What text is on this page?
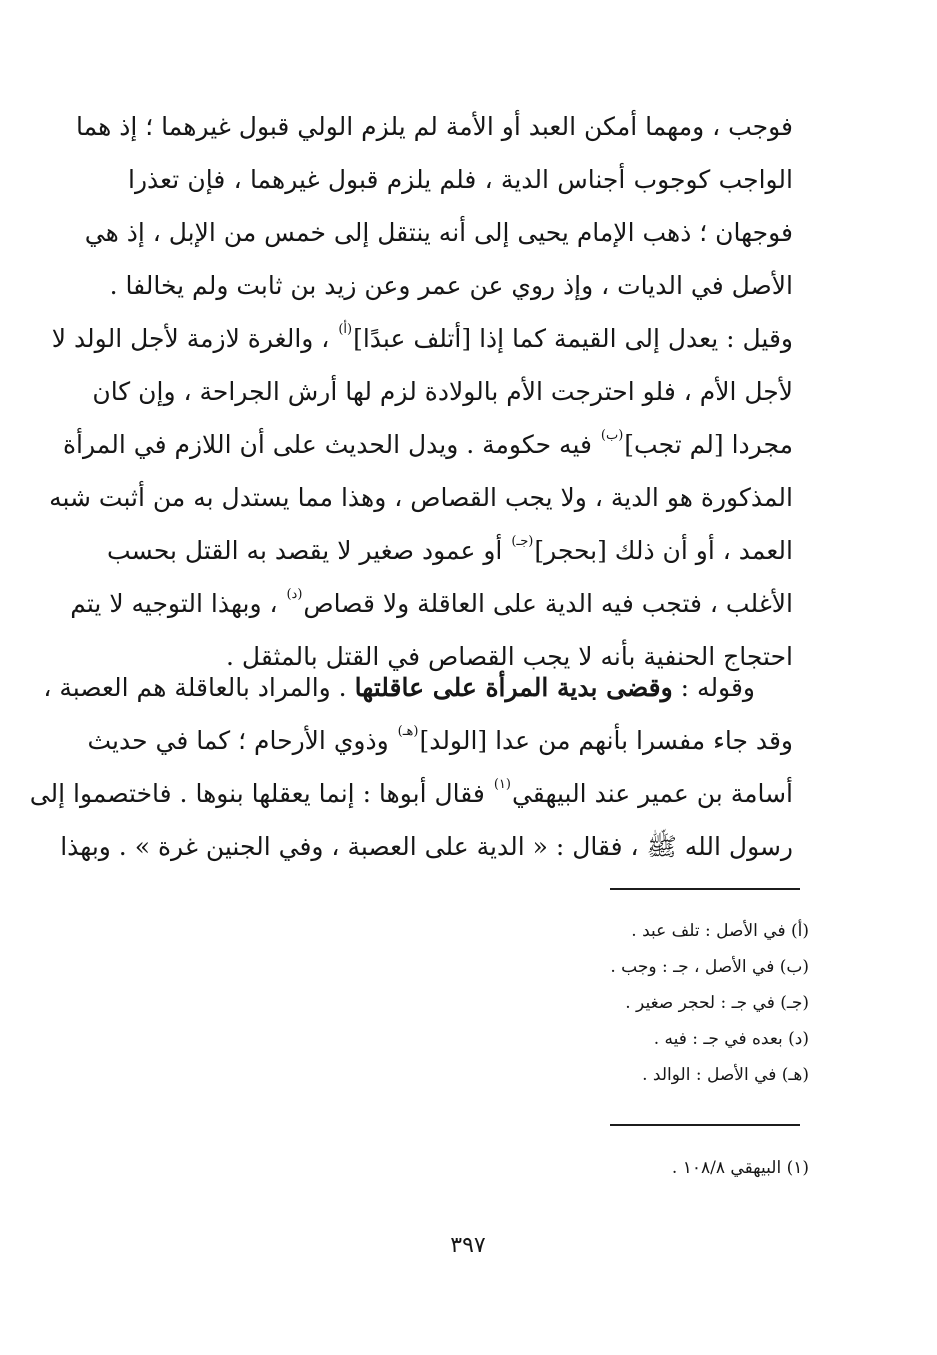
فوجب ، ومهما أمكن العبد أو الأمة لم يلزم الولي قبول غيرهما ؛ إذ هما
الواجب كوجوب أجناس الدية ، فلم يلزم قبول غيرهما ، فإن تعذرا
فوجهان ؛ ذهب الإمام يحيى إلى أنه ينتقل إلى خمس من الإبل ، إذ هي
الأصل في الديات ، وإذ روي عن عمر وعن زيد بن ثابت ولم يخالفا .
وقيل : يعدل إلى القيمة كما إذا [أتلف عبدًا]$^{(أ)}$ ، والغرة لازمة لأجل الولد لا
لأجل الأم ، فلو احترجت الأم بالولادة لزم لها أرش الجراحة ، وإن كان
مجردا [لم تجب]$^{(ب)}$ فيه حكومة . ويدل الحديث على أن اللازم في المرأة
المذكورة هو الدية ، ولا يجب القصاص ، وهذا مما يستدل به من أثبت شبه
العمد ، أو أن ذلك [بحجر]$^{(جـ)}$ أو عمود صغير لا يقصد به القتل بحسب
الأغلب ، فتجب فيه الدية على العاقلة ولا قصاص$^{(د)}$ ، وبهذا التوجيه لا يتم
احتجاج الحنفية بأنه لا يجب القصاص في القتل بالمثقل .
وقوله : وقضى بدية المرأة على عاقلتها . والمراد بالعاقلة هم العصبة ،
وقد جاء مفسرا بأنهم من عدا [الولد]$^{(هـ)}$ وذوي الأرحام ؛ كما في حديث
أسامة بن عمير عند البيهقي$^{(١)}$ فقال أبوها : إنما يعقلها بنوها . فاختصموا إلى
رسول الله ﷺ ، فقال : « الدية على العصبة ، وفي الجنين غرة » . وبهذا
(أ) في الأصل : تلف عبد .
(ب) في الأصل ، جـ : وجب .
(جـ) في جـ : لحجر صغير .
(د) بعده في جـ : فيه .
(هـ) في الأصل : الوالد .
(١) البيهقي ١٠٨/٨ .
٣٩٧
